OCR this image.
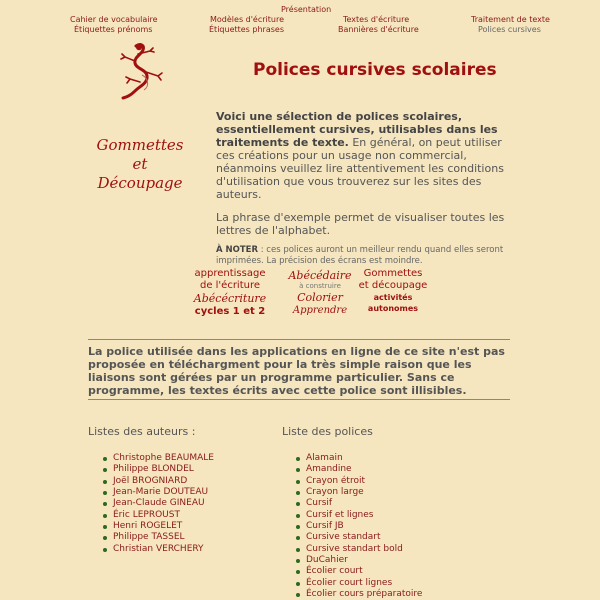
Présentation
Cahier de vocabulaire	Modèles d'écriture	Textes d'écriture	Traitement de texte
Étiquettes prénoms	Étiquettes phrases	Bannières d'écriture	Polices cursives
Polices cursives scolaires
Gommettes
et
Découpage

Voici une sélection de polices scolaires, essentiellement cursives, utilisables dans les traitements de texte. En général, on peut utiliser ces créations pour un usage non commercial, néanmoins veuillez lire attentivement les conditions d'utilisation que vous trouverez sur les sites des auteurs.

La phrase d'exemple permet de visualiser toutes les lettres de l'alphabet.

À NOTER : ces polices auront un meilleur rendu quand elles seront imprimées. La précision des écrans est moindre.

apprentissage
de l'écriture
Abécécriture
cycles 1 et 2
Abécédaire
à construire
Colorier
Apprendre
Gommettes
et découpage
activités
autonomes

La police utilisée dans les applications en ligne de ce site n'est pas proposée en téléchargment pour la très simple raison que les liaisons sont gérées par un programme particulier. Sans ce programme, les textes écrits avec cette police sont illisibles.

Listes des auteurs :
Christophe BEAUMALE
Philippe BLONDEL
Joël BROGNIARD
Jean-Marie DOUTEAU
Jean-Claude GINEAU
Éric LEPROUST
Henri ROGELET
Philippe TASSEL
Christian VERCHERY
Liste des polices
Alamain
Amandine
Crayon étroit
Crayon large
Cursif
Cursif et lignes
Cursif JB
Cursive standart
Cursive standart bold
DuCahier
Écolier court
Écolier court lignes
Écolier cours préparatoire
